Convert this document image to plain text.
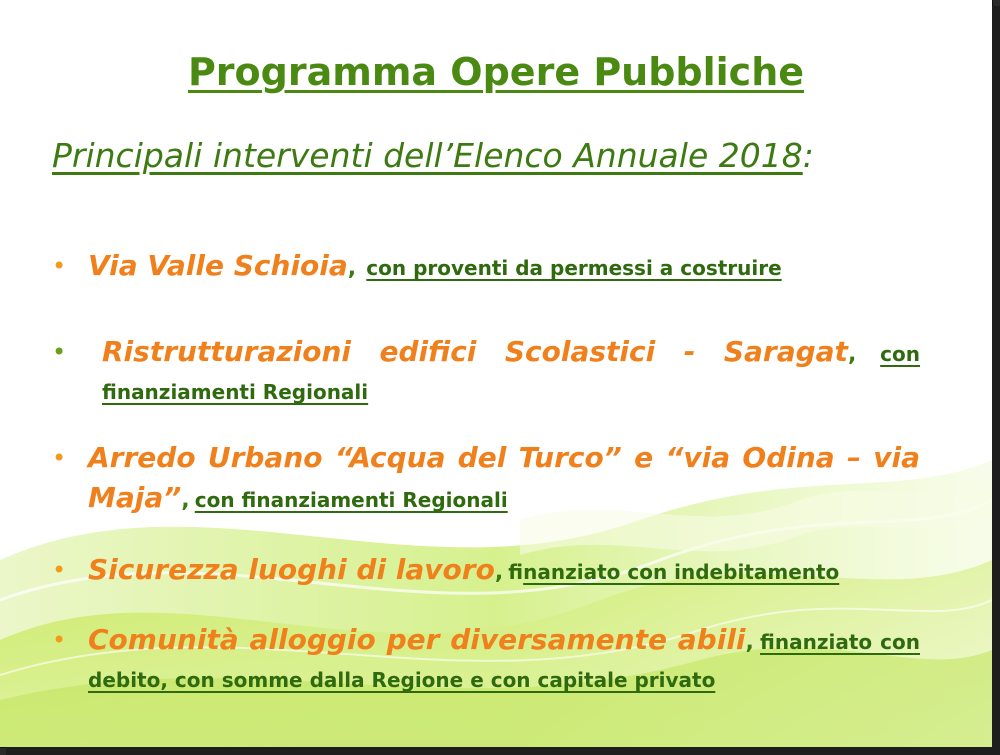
Programma Opere Pubbliche
Principali interventi dell’Elenco Annuale 2018:
• Via Valle Schioia, con proventi da permessi a costruire
• Ristrutturazioni edifici Scolastici - Saragat, con finanziamenti Regionali
• Arredo Urbano “Acqua del Turco” e “via Odina – via Maja”, con finanziamenti Regionali
• Sicurezza luoghi di lavoro, finanziato con indebitamento
• Comunità alloggio per diversamente abili, finanziato con debito, con somme dalla Regione e con capitale privato
